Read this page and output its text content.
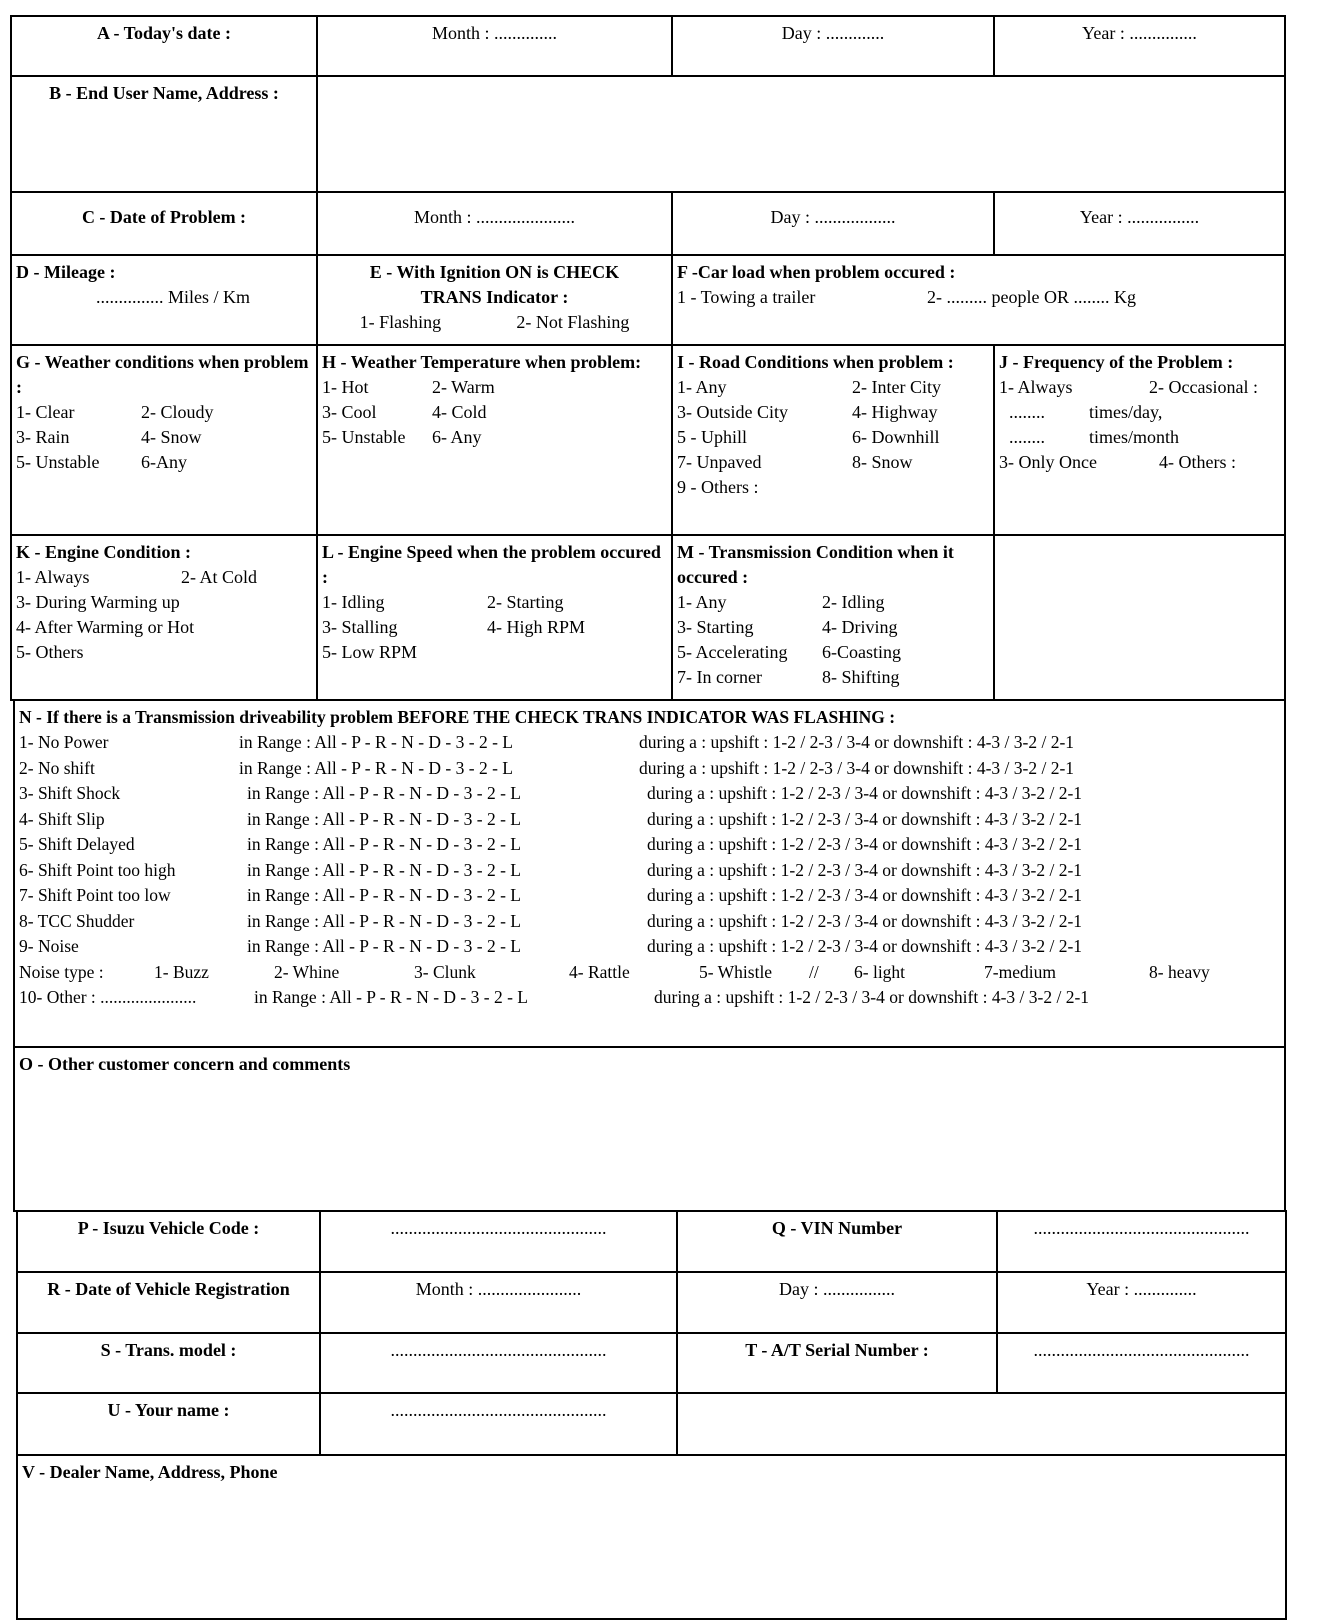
A - Today's date :	Month : ..............	Day : .............	Year : ...............
B - End User Name, Address :
C - Date of Problem :	Month : ......................	Day : ..................	Year : ................
D - Mileage :
............... Miles / Km
E - With Ignition ON is CHECK
TRANS Indicator :
1- Flashing	2- Not Flashing
F -Car load when problem occured :
1 - Towing a trailer	2- ......... people OR ........ Kg
G - Weather conditions when problem :
1- Clear	2- Cloudy
3- Rain	4- Snow
5- Unstable	6-Any
H - Weather Temperature when problem:
1- Hot	2- Warm
3- Cool	4- Cold
5- Unstable	6- Any
I - Road Conditions when problem :
1- Any	2- Inter City
3- Outside City	4- Highway
5 - Uphill	6- Downhill
7- Unpaved	8- Snow
9 - Others :
J - Frequency of the Problem :
1- Always	2- Occasional :
........	times/day,
........	times/month
3- Only Once	4- Others :
K - Engine Condition :
1- Always	2- At Cold
3- During Warming up
4- After Warming or Hot
5- Others
L - Engine Speed when the problem occured :
1- Idling	2- Starting
3- Stalling	4- High RPM
5- Low RPM
M - Transmission Condition when it occured :
1- Any	2- Idling
3- Starting	4- Driving
5- Accelerating	6-Coasting
7- In corner	8- Shifting
N - If there is a Transmission driveability problem BEFORE THE CHECK TRANS INDICATOR WAS FLASHING :
1- No Power	in Range : All - P - R - N - D - 3 - 2 - L	during a : upshift : 1-2 / 2-3 / 3-4 or downshift : 4-3 / 3-2 / 2-1
2- No shift	in Range : All - P - R - N - D - 3 - 2 - L	during a : upshift : 1-2 / 2-3 / 3-4 or downshift : 4-3 / 3-2 / 2-1
3- Shift Shock	in Range : All - P - R - N - D - 3 - 2 - L	during a : upshift : 1-2 / 2-3 / 3-4 or downshift : 4-3 / 3-2 / 2-1
4- Shift Slip	in Range : All - P - R - N - D - 3 - 2 - L	during a : upshift : 1-2 / 2-3 / 3-4 or downshift : 4-3 / 3-2 / 2-1
5- Shift Delayed	in Range : All - P - R - N - D - 3 - 2 - L	during a : upshift : 1-2 / 2-3 / 3-4 or downshift : 4-3 / 3-2 / 2-1
6- Shift Point too high	in Range : All - P - R - N - D - 3 - 2 - L	during a : upshift : 1-2 / 2-3 / 3-4 or downshift : 4-3 / 3-2 / 2-1
7- Shift Point too low	in Range : All - P - R - N - D - 3 - 2 - L	during a : upshift : 1-2 / 2-3 / 3-4 or downshift : 4-3 / 3-2 / 2-1
8- TCC Shudder	in Range : All - P - R - N - D - 3 - 2 - L	during a : upshift : 1-2 / 2-3 / 3-4 or downshift : 4-3 / 3-2 / 2-1
9- Noise	in Range : All - P - R - N - D - 3 - 2 - L	during a : upshift : 1-2 / 2-3 / 3-4 or downshift : 4-3 / 3-2 / 2-1
Noise type :	1- Buzz	2- Whine	3- Clunk	4- Rattle	5- Whistle	//	6- light	7-medium	8- heavy
10- Other : ......................	in Range : All - P - R - N - D - 3 - 2 - L	during a : upshift : 1-2 / 2-3 / 3-4 or downshift : 4-3 / 3-2 / 2-1
O - Other customer concern and comments
P - Isuzu Vehicle Code :	................................................	Q - VIN Number	................................................
R - Date of Vehicle Registration	Month : .......................	Day : ................	Year : ..............
S - Trans. model :	................................................	T - A/T Serial Number :	................................................
U - Your name :	................................................
V - Dealer Name, Address, Phone
